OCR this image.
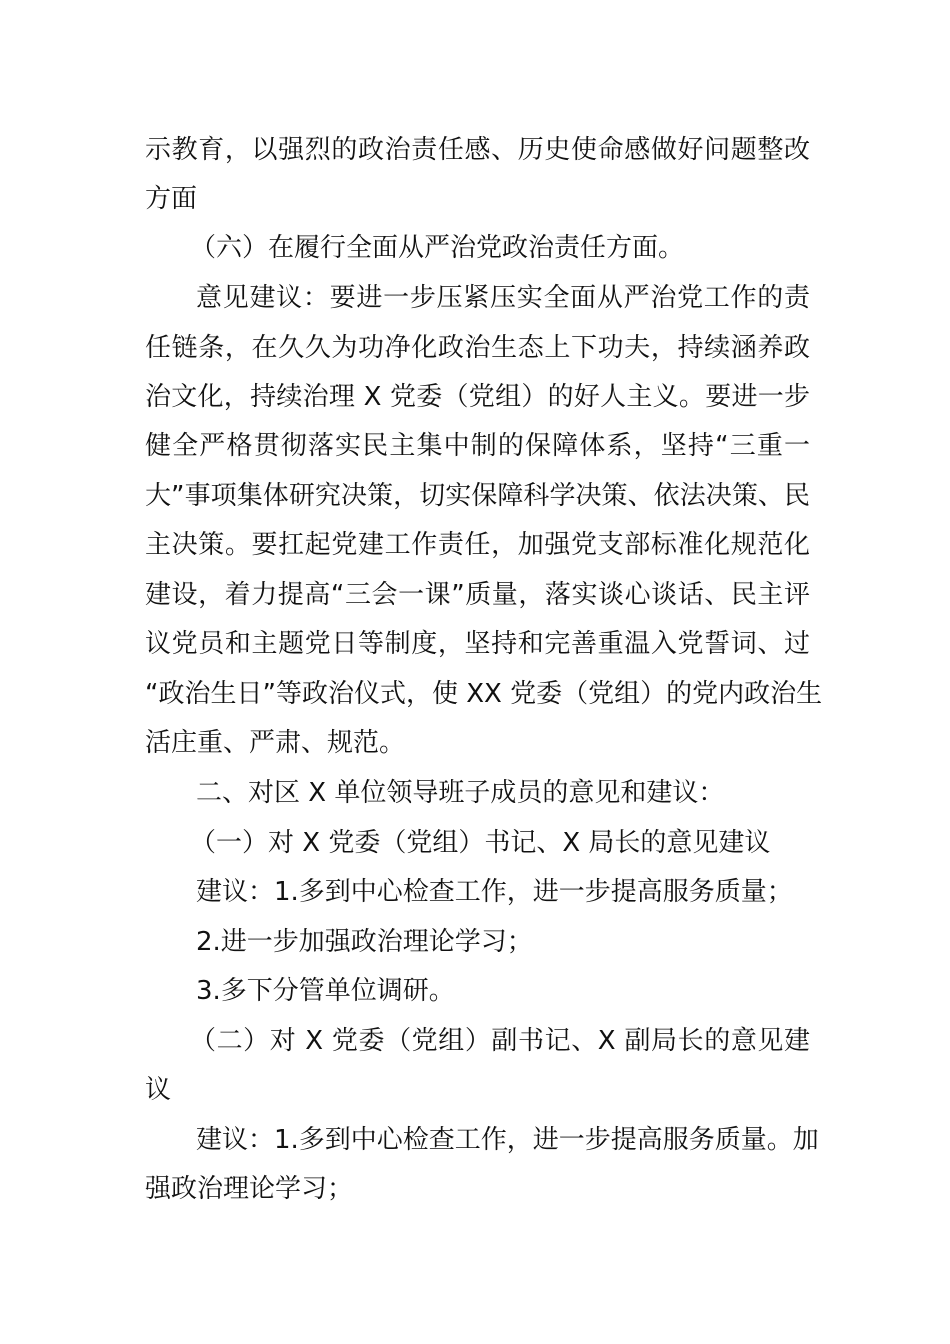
示教育，以强烈的政治责任感、历史使命感做好问题整改
方面
（六）在履行全面从严治党政治责任方面。
意见建议：要进一步压紧压实全面从严治党工作的责
任链条，在久久为功净化政治生态上下功夫，持续涵养政
治文化，持续治理 X 党委（党组）的好人主义。要进一步
健全严格贯彻落实民主集中制的保障体系，坚持“三重一
大”事项集体研究决策，切实保障科学决策、依法决策、民
主决策。要扛起党建工作责任，加强党支部标准化规范化
建设，着力提高“三会一课”质量，落实谈心谈话、民主评
议党员和主题党日等制度，坚持和完善重温入党誓词、过
“政治生日”等政治仪式，使 XX 党委（党组）的党内政治生
活庄重、严肃、规范。
二、对区 X 单位领导班子成员的意见和建议：
（一）对 X 党委（党组）书记、X 局长的意见建议
建议：1.多到中心检查工作，进一步提高服务质量；
2.进一步加强政治理论学习；
3.多下分管单位调研。
（二）对 X 党委（党组）副书记、X 副局长的意见建
议
建议：1.多到中心检查工作，进一步提高服务质量。加
强政治理论学习；
